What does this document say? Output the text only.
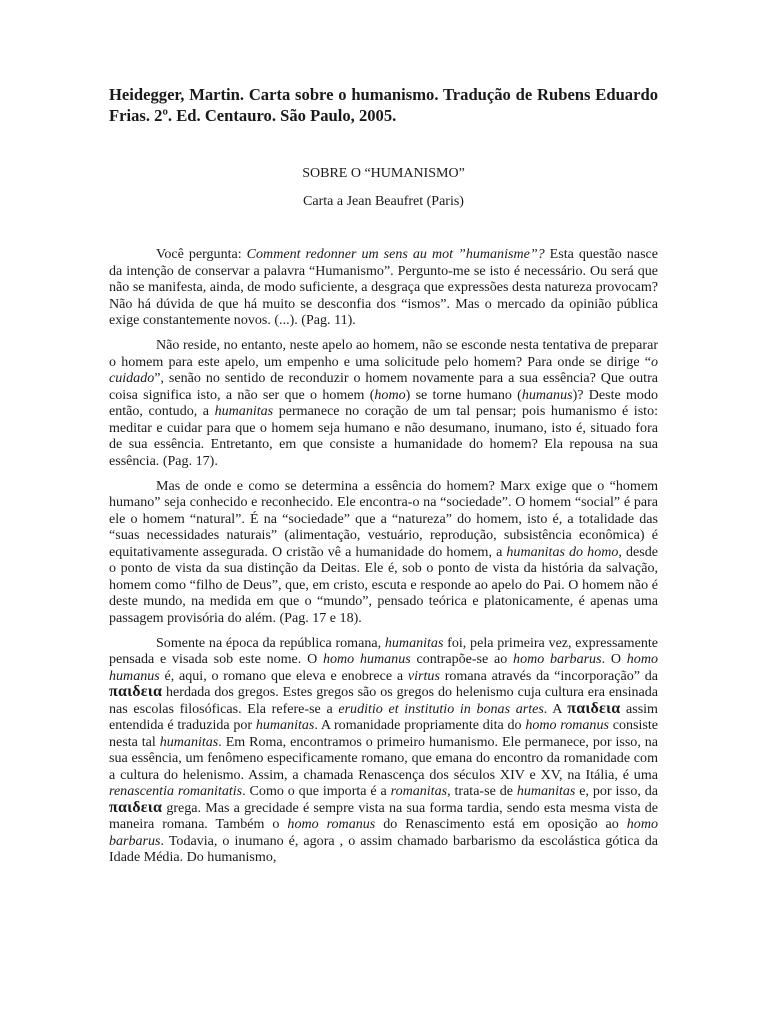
Heidegger, Martin. Carta sobre o humanismo. Tradução de Rubens Eduardo Frias. 2º. Ed. Centauro. São Paulo, 2005.

SOBRE O “HUMANISMO”

Carta a Jean Beaufret (Paris)

Você pergunta: Comment redonner um sens au mot ”humanisme”? Esta questão nasce da intenção de conservar a palavra “Humanismo”. Pergunto-me se isto é necessário. Ou será que não se manifesta, ainda, de modo suficiente, a desgraça que expressões desta natureza provocam? Não há dúvida de que há muito se desconfia dos “ismos”. Mas o mercado da opinião pública exige constantemente novos. (...). (Pag. 11).

Não reside, no entanto, neste apelo ao homem, não se esconde nesta tentativa de preparar o homem para este apelo, um empenho e uma solicitude pelo homem? Para onde se dirige “o cuidado”, senão no sentido de reconduzir o homem novamente para a sua essência? Que outra coisa significa isto, a não ser que o homem (homo) se torne humano (humanus)? Deste modo então, contudo, a humanitas permanece no coração de um tal pensar; pois humanismo é isto: meditar e cuidar para que o homem seja humano e não desumano, inumano, isto é, situado fora de sua essência. Entretanto, em que consiste a humanidade do homem? Ela repousa na sua essência. (Pag. 17).

Mas de onde e como se determina a essência do homem? Marx exige que o “homem humano” seja conhecido e reconhecido. Ele encontra-o na “sociedade”. O homem “social” é para ele o homem “natural”. É na “sociedade” que a “natureza” do homem, isto é, a totalidade das “suas necessidades naturais” (alimentação, vestuário, reprodução, subsistência econômica) é equitativamente assegurada. O cristão vê a humanidade do homem, a humanitas do homo, desde o ponto de vista da sua distinção da Deitas. Ele é, sob o ponto de vista da história da salvação, homem como “filho de Deus”, que, em cristo, escuta e responde ao apelo do Pai. O homem não é deste mundo, na medida em que o “mundo”, pensado teórica e platonicamente, é apenas uma passagem provisória do além. (Pag. 17 e 18).

Somente na época da república romana, humanitas foi, pela primeira vez, expressamente pensada e visada sob este nome. O homo humanus contrapõe-se ao homo barbarus. O homo humanus é, aqui, o romano que eleva e enobrece a virtus romana através da “incorporação” da παιδεια herdada dos gregos. Estes gregos são os gregos do helenismo cuja cultura era ensinada nas escolas filosóficas. Ela refere-se a eruditio et institutio in bonas artes. A παιδεια assim entendida é traduzida por humanitas. A romanidade propriamente dita do homo romanus consiste nesta tal humanitas. Em Roma, encontramos o primeiro humanismo. Ele permanece, por isso, na sua essência, um fenômeno especificamente romano, que emana do encontro da romanidade com a cultura do helenismo. Assim, a chamada Renascença dos séculos XIV e XV, na Itália, é uma renascentia romanitatis. Como o que importa é a romanitas, trata-se de humanitas e, por isso, da παιδεια grega. Mas a grecidade é sempre vista na sua forma tardia, sendo esta mesma vista de maneira romana. Também o homo romanus do Renascimento está em oposição ao homo barbarus. Todavia, o inumano é, agora , o assim chamado barbarismo da escolástica gótica da Idade Média. Do humanismo,
